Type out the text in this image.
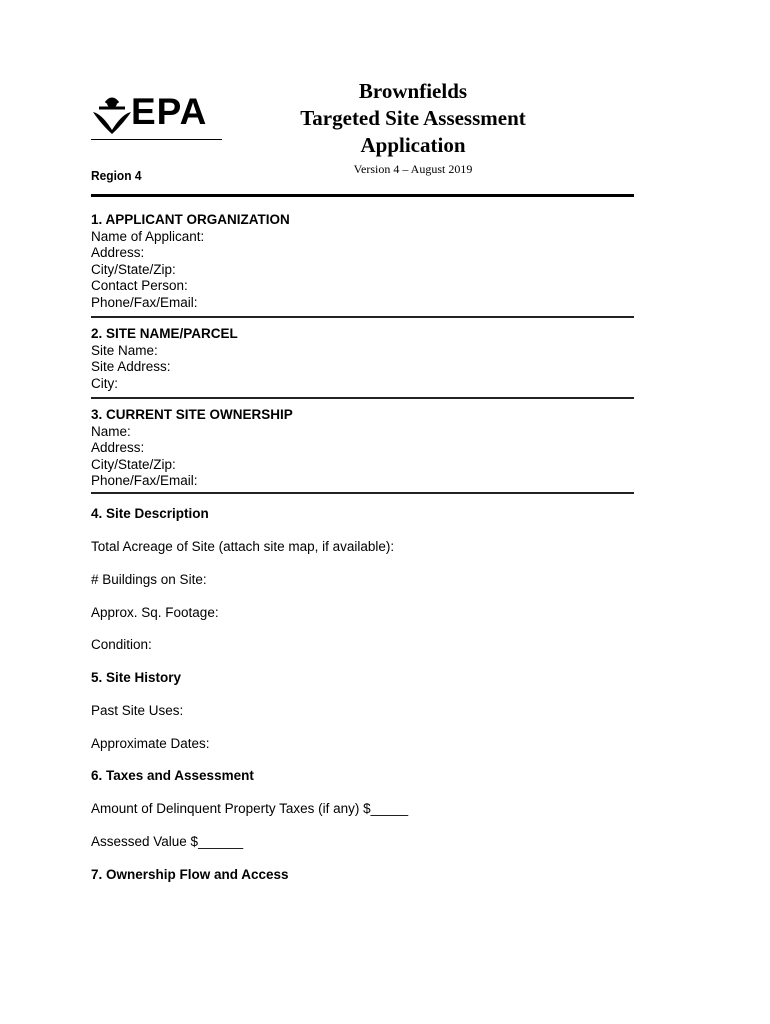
EPA	Brownfields
Targeted Site Assessment
Application
Version 4 – August 2019
Region 4
1. APPLICANT ORGANIZATION
Name of Applicant:
Address:
City/State/Zip:
Contact Person:
Phone/Fax/Email:
2. SITE NAME/PARCEL
Site Name:
Site Address:
City:
3. CURRENT SITE OWNERSHIP
Name:
Address:
City/State/Zip:
Phone/Fax/Email:
4. Site Description
Total Acreage of Site (attach site map, if available):
# Buildings on Site:
Approx. Sq. Footage:
Condition:
5. Site History
Past Site Uses:
Approximate Dates:
6. Taxes and Assessment
Amount of Delinquent Property Taxes (if any) $_____
Assessed Value $______
7. Ownership Flow and Access
